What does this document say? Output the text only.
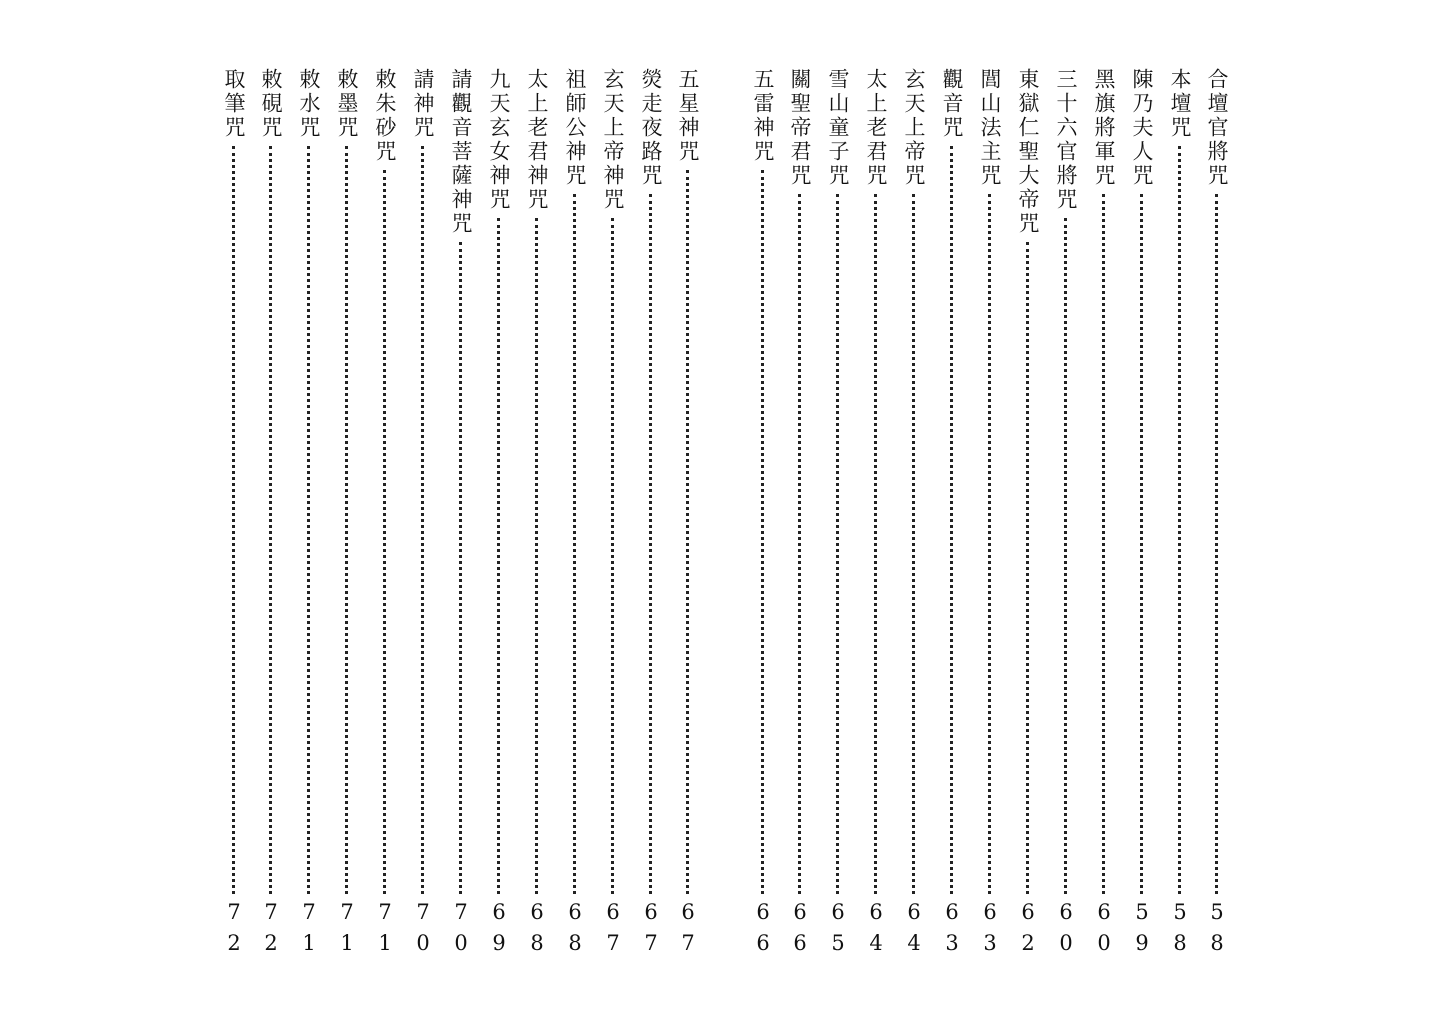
合壇官將咒
58
本壇咒
58
陳乃夫人咒
59
黑旗將軍咒
60
三十六官將咒
60
東獄仁聖大帝咒
62
閭山法主咒
63
觀音咒
63
玄天上帝咒
64
太上老君咒
64
雪山童子咒
65
關聖帝君咒
66
五雷神咒
66
五星神咒
67
熒走夜路咒
67
玄天上帝神咒
67
祖師公神咒
68
太上老君神咒
68
九天玄女神咒
69
請觀音菩薩神咒
70
請神咒
70
敕朱砂咒
71
敕墨咒
71
敕水咒
71
敕硯咒
72
取筆咒
72
